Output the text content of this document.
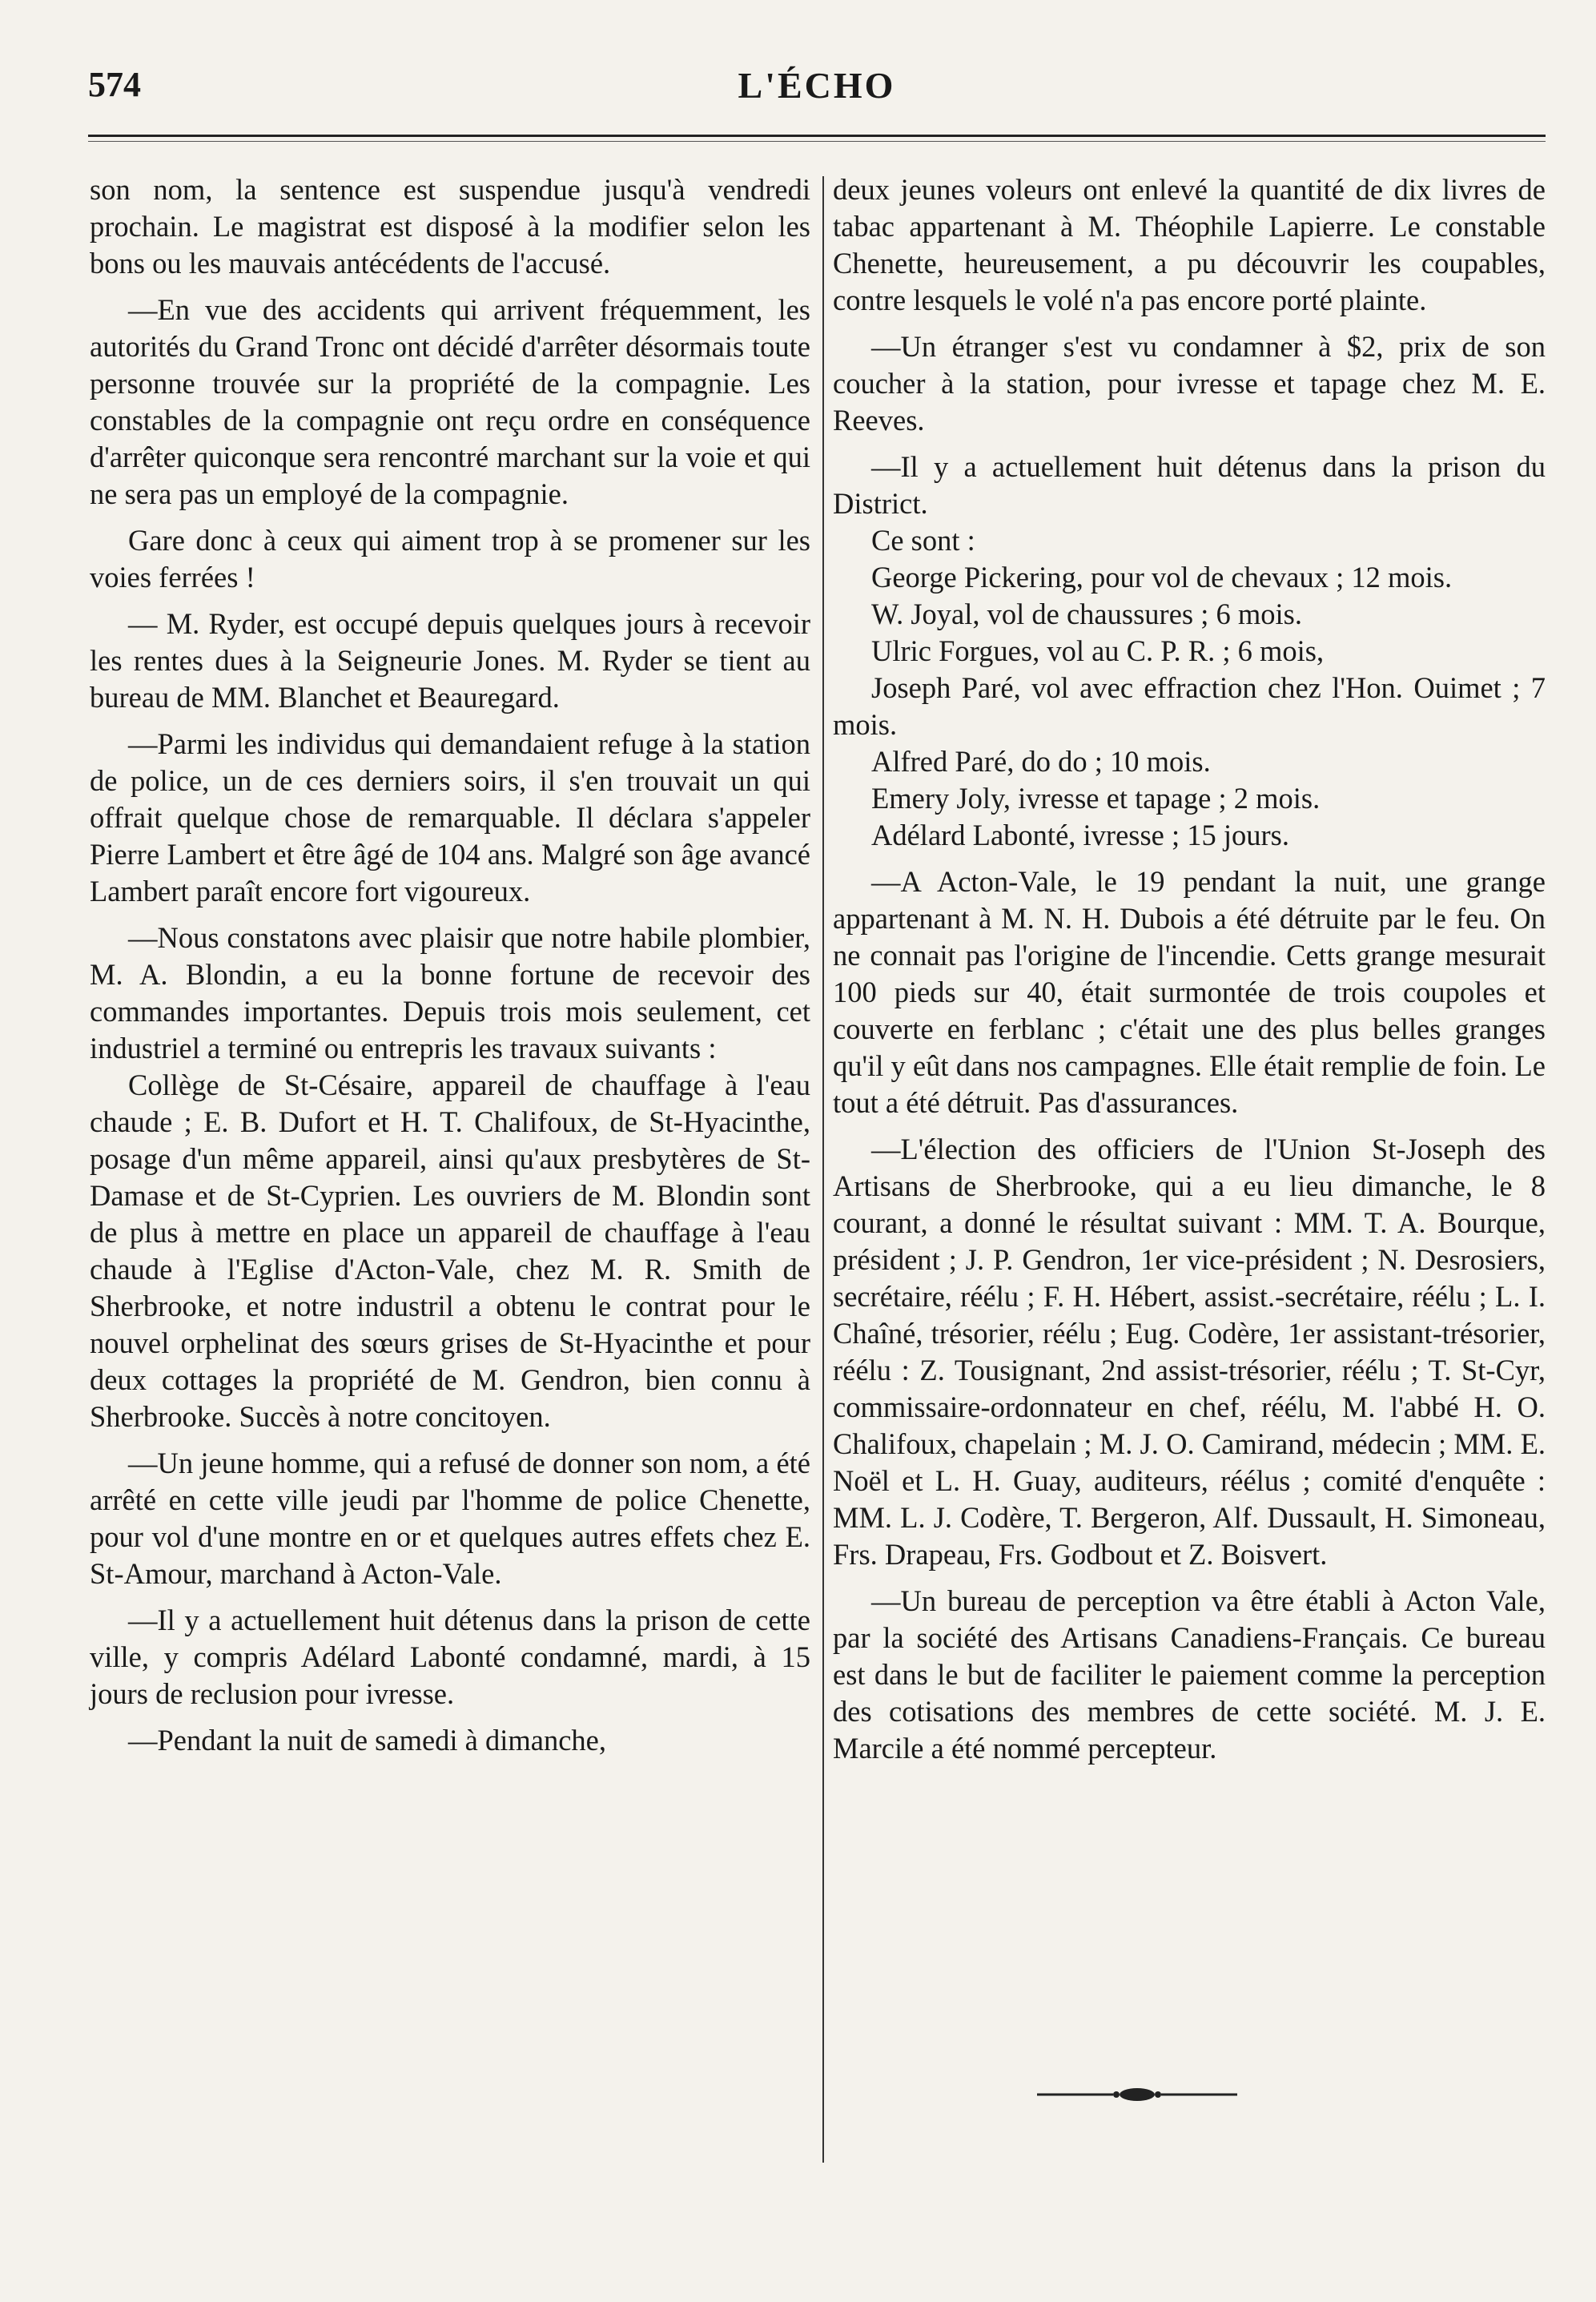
574	L'ÉCHO

son nom, la sentence est suspendue jusqu'à vendredi prochain. Le magistrat est disposé à la modifier selon les bons ou les mauvais antécédents de l'accusé.

—En vue des accidents qui arrivent fréquemment, les autorités du Grand Tronc ont décidé d'arrêter désormais toute personne trouvée sur la propriété de la compagnie. Les constables de la compagnie ont reçu ordre en conséquence d'arrêter quiconque sera rencontré marchant sur la voie et qui ne sera pas un employé de la compagnie.

Gare donc à ceux qui aiment trop à se promener sur les voies ferrées !

— M. Ryder, est occupé depuis quelques jours à recevoir les rentes dues à la Seigneurie Jones. M. Ryder se tient au bureau de MM. Blanchet et Beauregard.

—Parmi les individus qui demandaient refuge à la station de police, un de ces derniers soirs, il s'en trouvait un qui offrait quelque chose de remarquable. Il déclara s'appeler Pierre Lambert et être âgé de 104 ans. Malgré son âge avancé Lambert paraît encore fort vigoureux.

—Nous constatons avec plaisir que notre habile plombier, M. A. Blondin, a eu la bonne fortune de recevoir des commandes importantes. Depuis trois mois seulement, cet industriel a terminé ou entrepris les travaux suivants :

Collège de St-Césaire, appareil de chauffage à l'eau chaude ; E. B. Dufort et H. T. Chalifoux, de St-Hyacinthe, posage d'un même appareil, ainsi qu'aux presbytères de St-Damase et de St-Cyprien. Les ouvriers de M. Blondin sont de plus à mettre en place un appareil de chauffage à l'eau chaude à l'Eglise d'Acton-Vale, chez M. R. Smith de Sherbrooke, et notre industril a obtenu le contrat pour le nouvel orphelinat des sœurs grises de St-Hyacinthe et pour deux cottages la propriété de M. Gendron, bien connu à Sherbrooke. Succès à notre concitoyen.

—Un jeune homme, qui a refusé de donner son nom, a été arrêté en cette ville jeudi par l'homme de police Chenette, pour vol d'une montre en or et quelques autres effets chez E. St-Amour, marchand à Acton-Vale.

—Il y a actuellement huit détenus dans la prison de cette ville, y compris Adélard Labonté condamné, mardi, à 15 jours de reclusion pour ivresse.

—Pendant la nuit de samedi à dimanche,

deux jeunes voleurs ont enlevé la quantité de dix livres de tabac appartenant à M. Théophile Lapierre. Le constable Chenette, heureusement, a pu découvrir les coupables, contre lesquels le volé n'a pas encore porté plainte.

—Un étranger s'est vu condamner à $2, prix de son coucher à la station, pour ivresse et tapage chez M. E. Reeves.

—Il y a actuellement huit détenus dans la prison du District.

Ce sont :

George Pickering, pour vol de chevaux ; 12 mois.

W. Joyal, vol de chaussures ; 6 mois.

Ulric Forgues, vol au C. P. R. ; 6 mois,

Joseph Paré, vol avec effraction chez l'Hon. Ouimet ; 7 mois.

Alfred Paré, do do ; 10 mois.

Emery Joly, ivresse et tapage ; 2 mois.

Adélard Labonté, ivresse ; 15 jours.

—A Acton-Vale, le 19 pendant la nuit, une grange appartenant à M. N. H. Dubois a été détruite par le feu. On ne connait pas l'origine de l'incendie. Cetts grange mesurait 100 pieds sur 40, était surmontée de trois coupoles et couverte en ferblanc ; c'était une des plus belles granges qu'il y eût dans nos campagnes. Elle était remplie de foin. Le tout a été détruit. Pas d'assurances.

—L'élection des officiers de l'Union St-Joseph des Artisans de Sherbrooke, qui a eu lieu dimanche, le 8 courant, a donné le résultat suivant : MM. T. A. Bourque, président ; J. P. Gendron, 1er vice-président ; N. Desrosiers, secrétaire, réélu ; F. H. Hébert, assist.-secrétaire, réélu ; L. I. Chaîné, trésorier, réélu ; Eug. Codère, 1er assistant-trésorier, réélu : Z. Tousignant, 2nd assist-trésorier, réélu ; T. St-Cyr, commissaire-ordonnateur en chef, réélu, M. l'abbé H. O. Chalifoux, chapelain ; M. J. O. Camirand, médecin ; MM. E. Noël et L. H. Guay, auditeurs, réélus ; comité d'enquête : MM. L. J. Codère, T. Bergeron, Alf. Dussault, H. Simoneau, Frs. Drapeau, Frs. Godbout et Z. Boisvert.

—Un bureau de perception va être établi à Acton Vale, par la société des Artisans Canadiens-Français. Ce bureau est dans le but de faciliter le paiement comme la perception des cotisations des membres de cette société. M. J. E. Marcile a été nommé percepteur.
